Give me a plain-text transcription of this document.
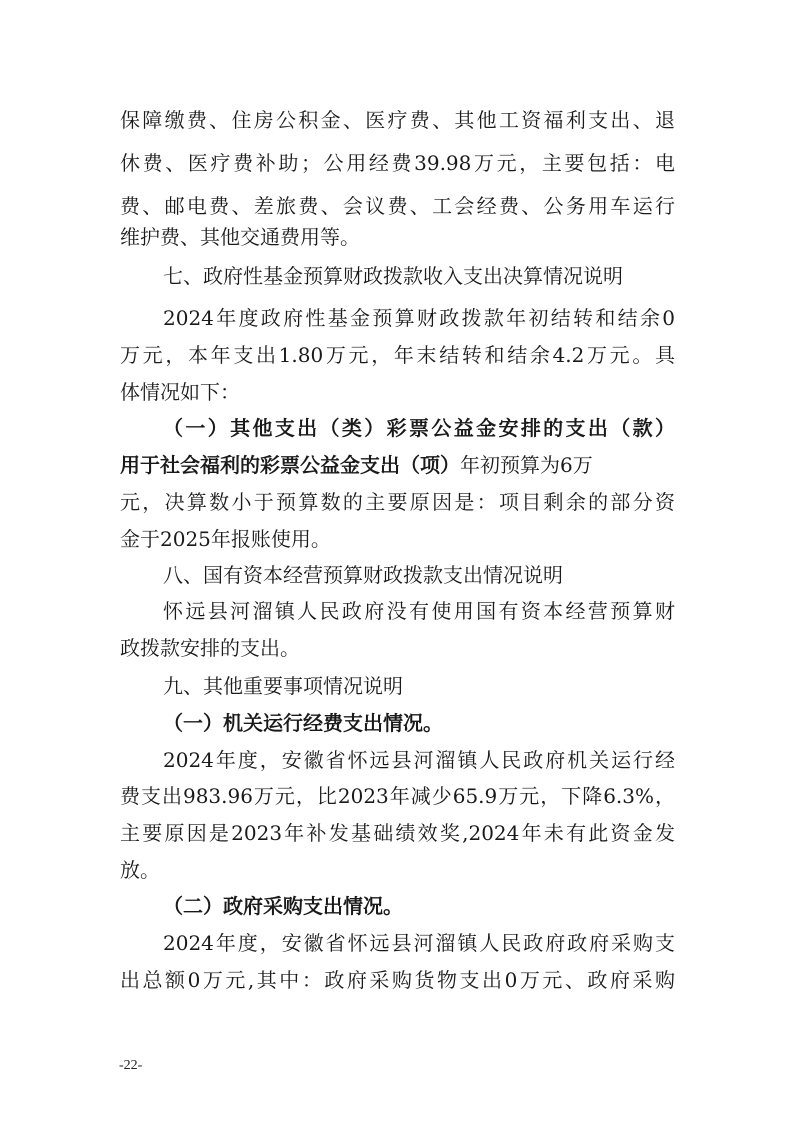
保障缴费、住房公积金、医疗费、其他工资福利支出、退
休费、医疗费补助；公用经费39.98万元，主要包括：电
费、邮电费、差旅费、会议费、工会经费、公务用车运行
维护费、其他交通费用等。
七、政府性基金预算财政拨款收入支出决算情况说明
2024年度政府性基金预算财政拨款年初结转和结余0
万元，本年支出1.80万元，年末结转和结余4.2万元。具
体情况如下：
（一）其他支出（类）彩票公益金安排的支出（款）
用于社会福利的彩票公益金支出（项）年初预算为6万
元，决算数小于预算数的主要原因是：项目剩余的部分资
金于2025年报账使用。
八、国有资本经营预算财政拨款支出情况说明
怀远县河溜镇人民政府没有使用国有资本经营预算财
政拨款安排的支出。
九、其他重要事项情况说明
（一）机关运行经费支出情况。
2024年度，安徽省怀远县河溜镇人民政府机关运行经
费支出983.96万元，比2023年减少65.9万元，下降6.3%，
主要原因是2023年补发基础绩效奖,2024年未有此资金发
放。
（二）政府采购支出情况。
2024年度，安徽省怀远县河溜镇人民政府政府采购支
出总额0万元,其中：政府采购货物支出0万元、政府采购
-22-
